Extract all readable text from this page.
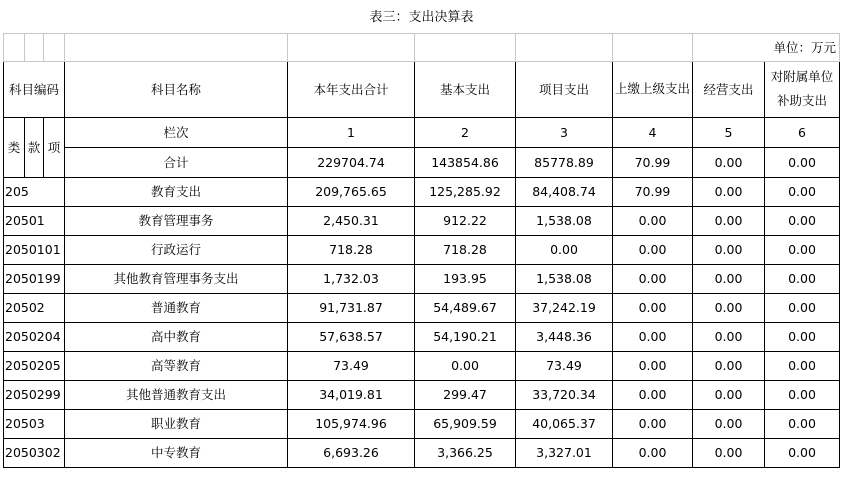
表三：支出决算表									
								单位：万元	
科目编码			科目名称	本年支出合计	基本支出	项目支出	上缴上级支出	经营支出	对附属单位补助支出
类	款	项	栏次	1	2	3	4	5	6
			合计	229704.74	143854.86	85778.89	70.99	0.00	0.00
205			教育支出	209,765.65	125,285.92	84,408.74	70.99	0.00	0.00
20501			教育管理事务	2,450.31	912.22	1,538.08	0.00	0.00	0.00
2050101			行政运行	718.28	718.28	0.00	0.00	0.00	0.00
2050199			其他教育管理事务支出	1,732.03	193.95	1,538.08	0.00	0.00	0.00
20502			普通教育	91,731.87	54,489.67	37,242.19	0.00	0.00	0.00
2050204			高中教育	57,638.57	54,190.21	3,448.36	0.00	0.00	0.00
2050205			高等教育	73.49	0.00	73.49	0.00	0.00	0.00
2050299			其他普通教育支出	34,019.81	299.47	33,720.34	0.00	0.00	0.00
20503			职业教育	105,974.96	65,909.59	40,065.37	0.00	0.00	0.00
2050302			中专教育	6,693.26	3,366.25	3,327.01	0.00	0.00	0.00
